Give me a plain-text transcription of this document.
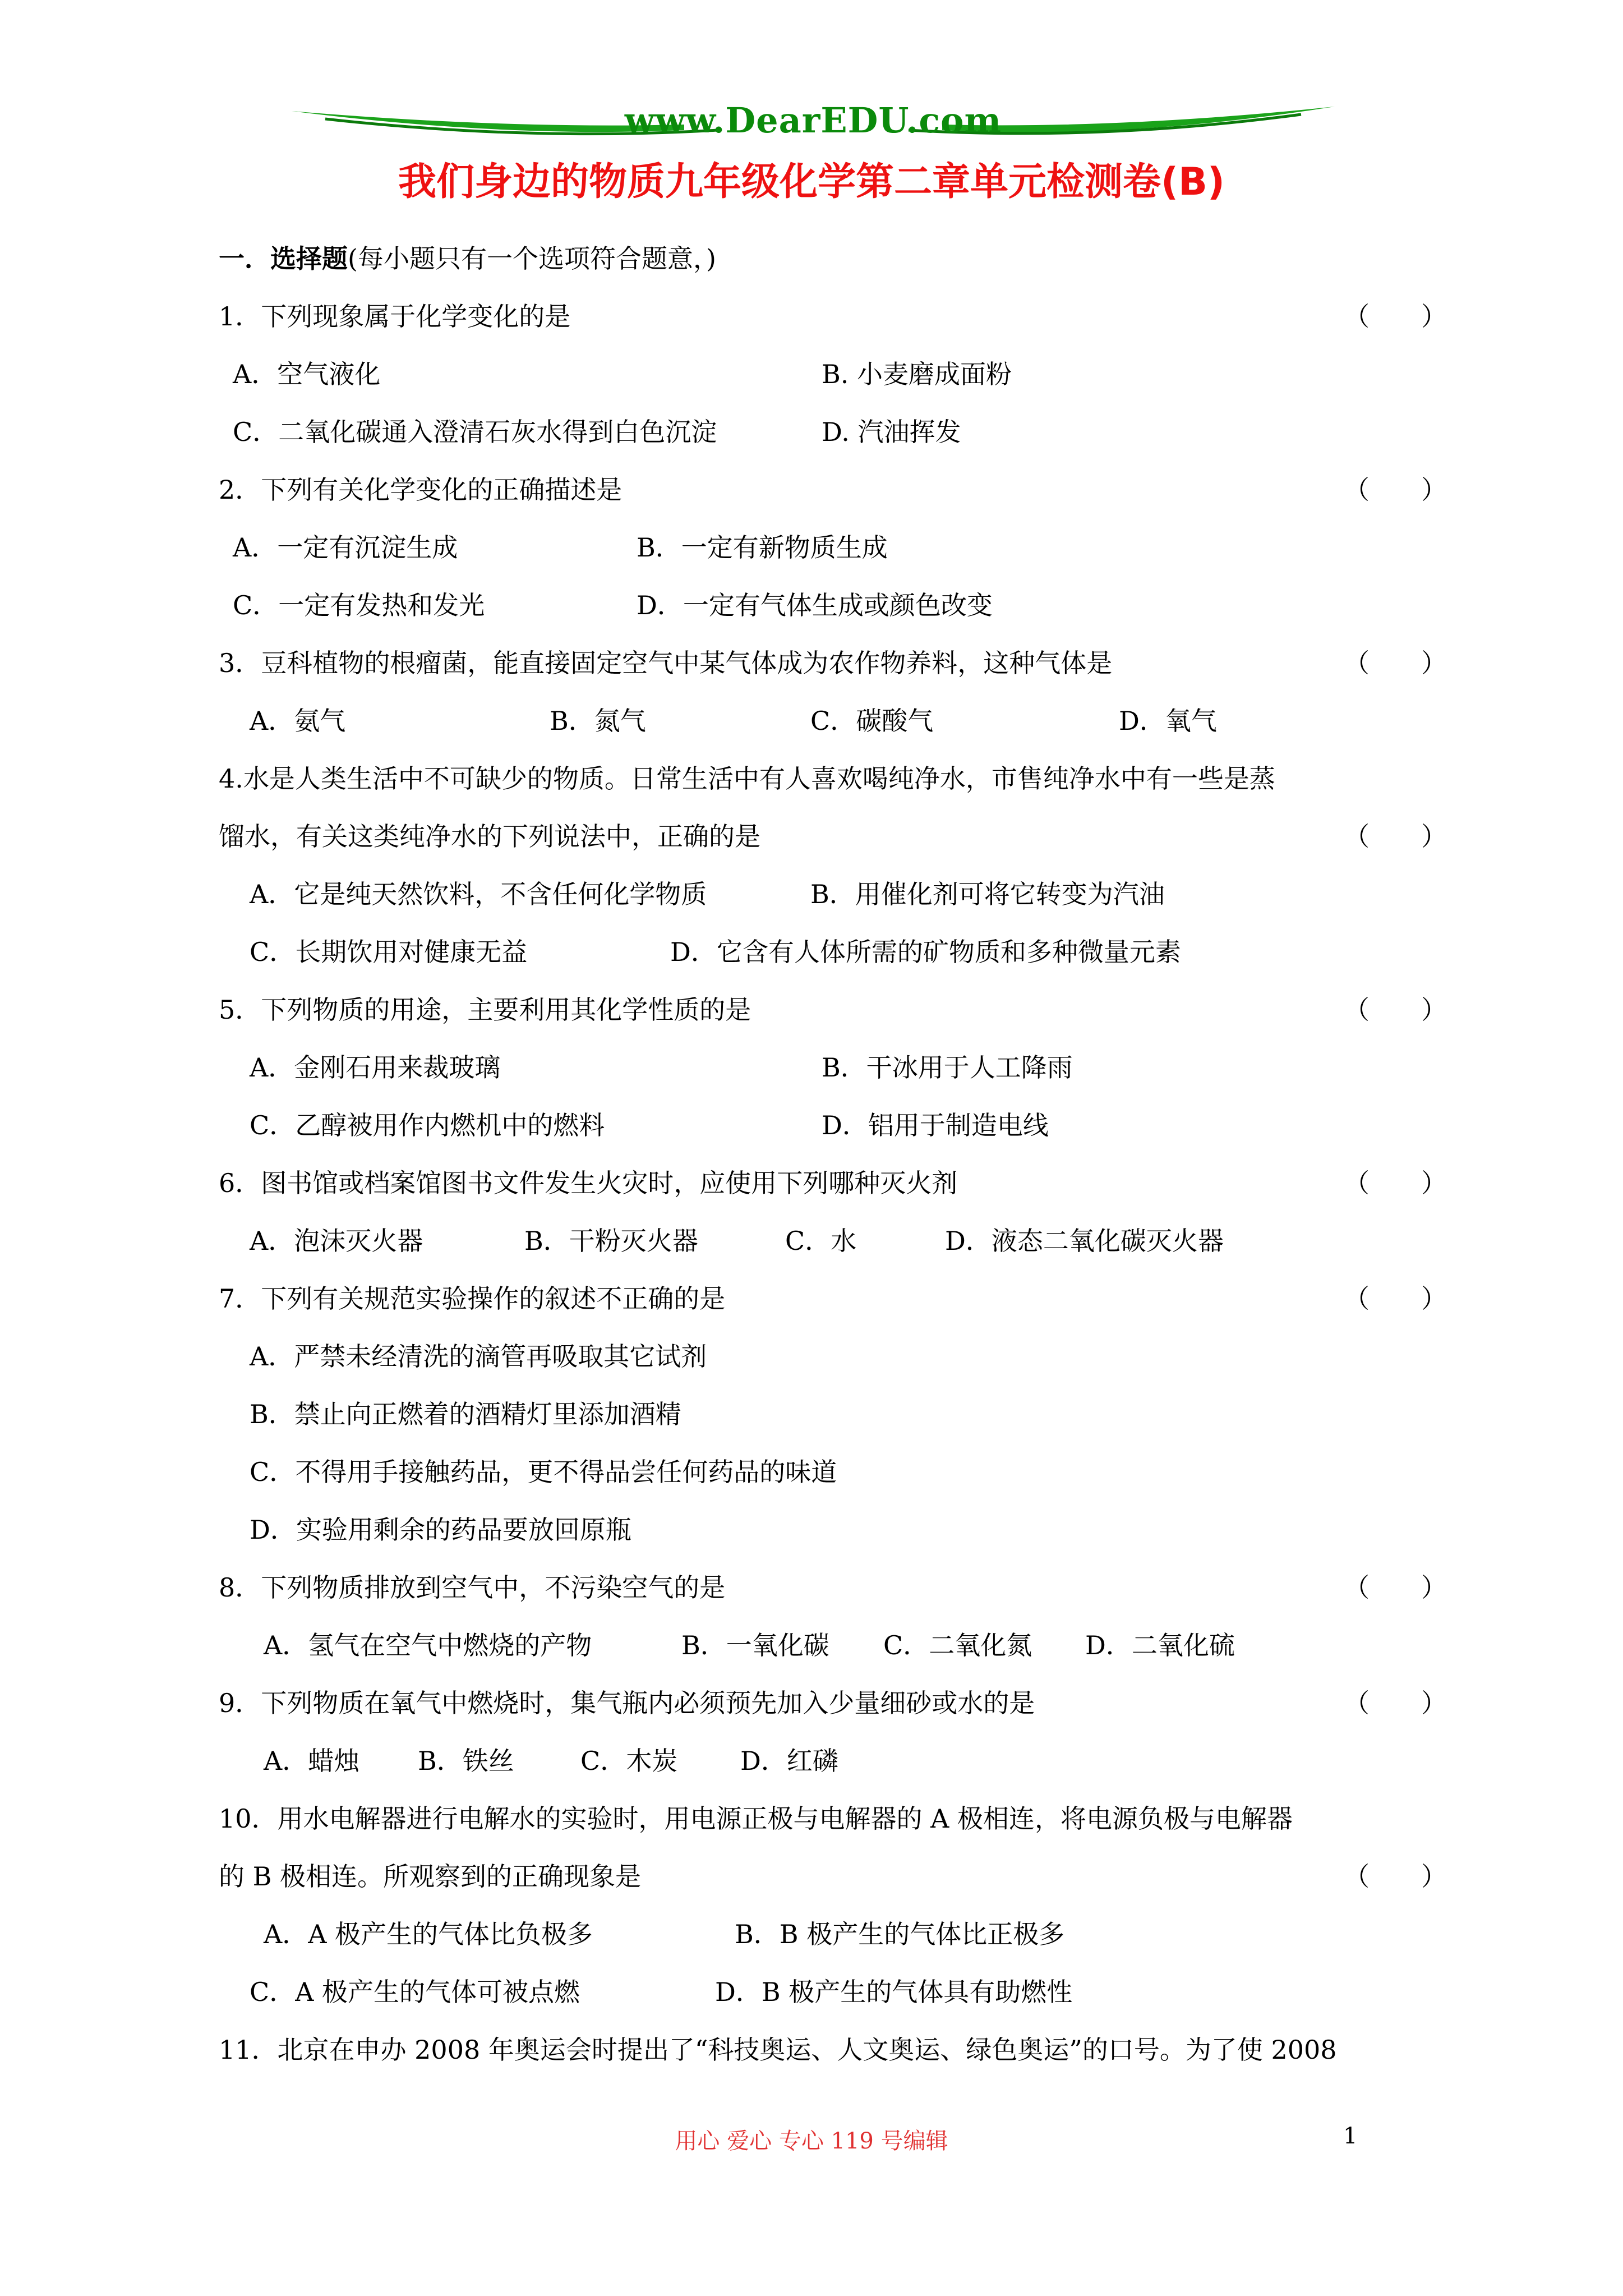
www.DearEDU.com
我们身边的物质九年级化学第二章单元检测卷(B)
一．选择题(每小题只有一个选项符合题意，)
1．下列现象属于化学变化的是	（　　）
A．空气液化	B. 小麦磨成面粉
C．二氧化碳通入澄清石灰水得到白色沉淀	D. 汽油挥发
2．下列有关化学变化的正确描述是	（　　）
A．一定有沉淀生成	B．一定有新物质生成
C．一定有发热和发光	D．一定有气体生成或颜色改变
3．豆科植物的根瘤菌，能直接固定空气中某气体成为农作物养料，这种气体是	（　　）
A．氨气	B．氮气	C．碳酸气	D．氧气
4.水是人类生活中不可缺少的物质。日常生活中有人喜欢喝纯净水，市售纯净水中有一些是蒸
馏水，有关这类纯净水的下列说法中，正确的是	（　　）
A．它是纯天然饮料，不含任何化学物质	B．用催化剂可将它转变为汽油
C．长期饮用对健康无益	D．它含有人体所需的矿物质和多种微量元素
5．下列物质的用途，主要利用其化学性质的是	（　　）
A．金刚石用来裁玻璃	B．干冰用于人工降雨
C．乙醇被用作内燃机中的燃料	D．铝用于制造电线
6．图书馆或档案馆图书文件发生火灾时，应使用下列哪种灭火剂	（　　）
A．泡沫灭火器	B．干粉灭火器	C．水	D．液态二氧化碳灭火器
7．下列有关规范实验操作的叙述不正确的是	（　　）
A．严禁未经清洗的滴管再吸取其它试剂
B．禁止向正燃着的酒精灯里添加酒精
C．不得用手接触药品，更不得品尝任何药品的味道
D．实验用剩余的药品要放回原瓶
8．下列物质排放到空气中，不污染空气的是	（　　）
A．氢气在空气中燃烧的产物	B．一氧化碳 C．二氧化氮 D．二氧化硫
9．下列物质在氧气中燃烧时，集气瓶内必须预先加入少量细砂或水的是	（　　）
A．蜡烛 B．铁丝	C．木炭 D．红磷
10．用水电解器进行电解水的实验时，用电源正极与电解器的 A 极相连，将电源负极与电解器
的 B 极相连。所观察到的正确现象是	（　　）
A．A 极产生的气体比负极多	B．B 极产生的气体比正极多
C．A 极产生的气体可被点燃	D．B 极产生的气体具有助燃性
11．北京在申办 2008 年奥运会时提出了“科技奥运、人文奥运、绿色奥运”的口号。为了使 2008
用心 爱心 专心 119 号编辑	1
